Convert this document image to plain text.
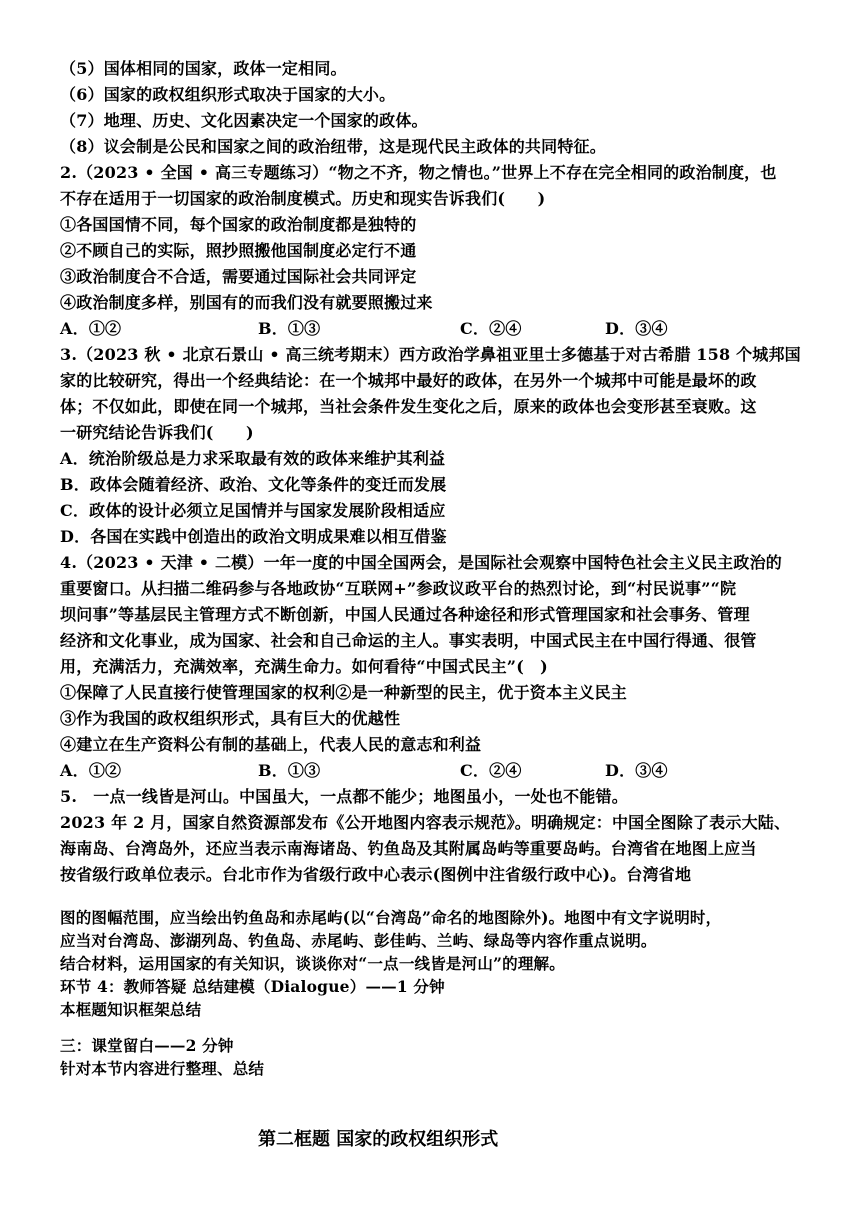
（5）国体相同的国家，政体一定相同。
（6）国家的政权组织形式取决于国家的大小。
（7）地理、历史、文化因素决定一个国家的政体。
（8）议会制是公民和国家之间的政治纽带，这是现代民主政体的共同特征。
2.（2023 • 全国 • 高三专题练习）“物之不齐，物之情也。”世界上不存在完全相同的政治制度，也
不存在适用于一切国家的政治制度模式。历史和现实告诉我们(　　)
①各国国情不同，每个国家的政治制度都是独特的
②不顾自己的实际，照抄照搬他国制度必定行不通
③政治制度合不合适，需要通过国际社会共同评定
④政治制度多样，别国有的而我们没有就要照搬过来
A．①②	B．①③	C．②④	D．③④
3.（2023 秋 • 北京石景山 • 高三统考期末）西方政治学鼻祖亚里士多德基于对古希腊 158 个城邦国
家的比较研究，得出一个经典结论：在一个城邦中最好的政体，在另外一个城邦中可能是最坏的政
体；不仅如此，即使在同一个城邦，当社会条件发生变化之后，原来的政体也会变形甚至衰败。这
一研究结论告诉我们(　　)
A．统治阶级总是力求采取最有效的政体来维护其利益
B．政体会随着经济、政治、文化等条件的变迁而发展
C．政体的设计必须立足国情并与国家发展阶段相适应
D．各国在实践中创造出的政治文明成果难以相互借鉴
4.（2023 • 天津 • 二模）一年一度的中国全国两会，是国际社会观察中国特色社会主义民主政治的
重要窗口。从扫描二维码参与各地政协“互联网+”参政议政平台的热烈讨论，到“村民说事”“院
坝问事”等基层民主管理方式不断创新，中国人民通过各种途径和形式管理国家和社会事务、管理
经济和文化事业，成为国家、社会和自己命运的主人。事实表明，中国式民主在中国行得通、很管
用，充满活力，充满效率，充满生命力。如何看待“中国式民主”(　)
①保障了人民直接行使管理国家的权利②是一种新型的民主，优于资本主义民主
③作为我国的政权组织形式，具有巨大的优越性
④建立在生产资料公有制的基础上，代表人民的意志和利益
A．①②	B．①③	C．②④	D．③④
5.　一点一线皆是河山。中国虽大，一点都不能少；地图虽小，一处也不能错。
2023 年 2 月，国家自然资源部发布《公开地图内容表示规范》。明确规定：中国全图除了表示大陆、
海南岛、台湾岛外，还应当表示南海诸岛、钓鱼岛及其附属岛屿等重要岛屿。台湾省在地图上应当
按省级行政单位表示。台北市作为省级行政中心表示(图例中注省级行政中心)。台湾省地
图的图幅范围，应当绘出钓鱼岛和赤尾屿(以“台湾岛”命名的地图除外)。地图中有文字说明时，
应当对台湾岛、澎湖列岛、钓鱼岛、赤尾屿、彭佳屿、兰屿、绿岛等内容作重点说明。
结合材料，运用国家的有关知识，谈谈你对“一点一线皆是河山”的理解。
环节 4：教师答疑 总结建模（Dialogue）——1 分钟
本框题知识框架总结
三：课堂留白——2 分钟
针对本节内容进行整理、总结
第二框题 国家的政权组织形式
